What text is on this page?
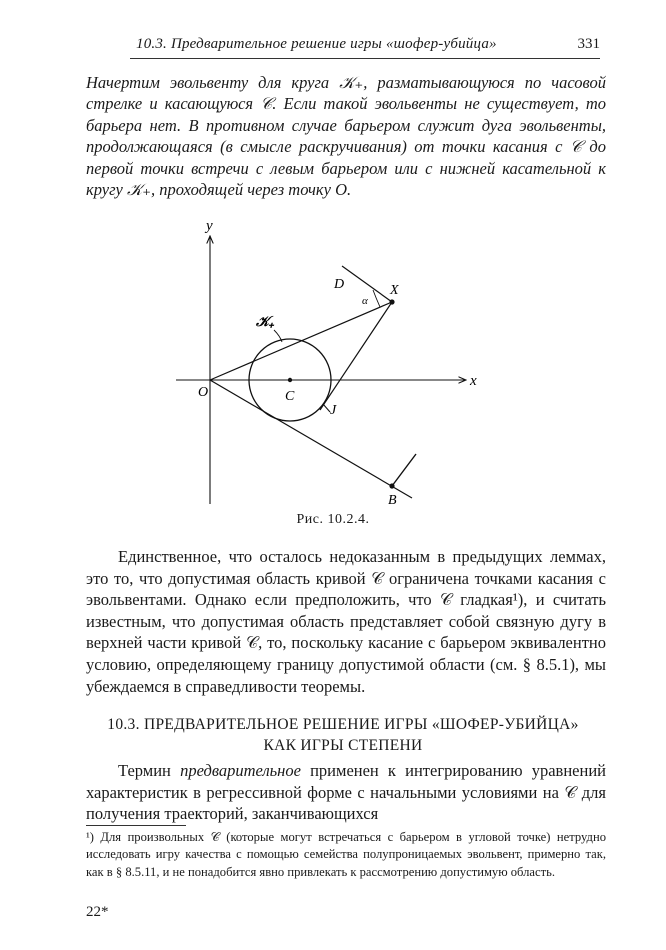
10.3. Предварительное решение игры «шофер-убийца»	331

Начертим эвольвенту для круга 𝒦₊, разматывающуюся по часовой стрелке и касающуюся 𝒞. Если такой эвольвенты не существует, то барьера нет. В противном случае барьером служит дуга эвольвенты, продолжающаяся (в смысле раскручивания) от точки касания с 𝒞 до первой точки встречи с левым барьером или с нижней касательной к кругу 𝒦₊, проходящей через точку O.

y
x
O	C
D	X
J
B
α
𝒦₊
Рис. 10.2.4.
Единственное, что осталось недоказанным в предыдущих леммах, это то, что допустимая область кривой 𝒞 ограничена точками касания с эвольвентами. Однако если предположить, что 𝒞 гладкая¹), и считать известным, что допустимая область представляет собой связную дугу в верхней части кривой 𝒞, то, поскольку касание с барьером эквивалентно условию, определяющему границу допустимой области (см. § 8.5.1), мы убеждаемся в справедливости теоремы.
10.3. ПРЕДВАРИТЕЛЬНОЕ РЕШЕНИЕ ИГРЫ «ШОФЕР-УБИЙЦА»
КАК ИГРЫ СТЕПЕНИ
Термин предварительное применен к интегрированию уравнений характеристик в регрессивной форме с начальными условиями на 𝒞 для получения траекторий, заканчивающихся
¹) Для произвольных 𝒞 (которые могут встречаться с барьером в угловой точке) нетрудно исследовать игру качества с помощью семейства полупроницаемых эвольвент, примерно так, как в § 8.5.11, и не понадобится явно привлекать к рассмотрению допустимую область.
22*
